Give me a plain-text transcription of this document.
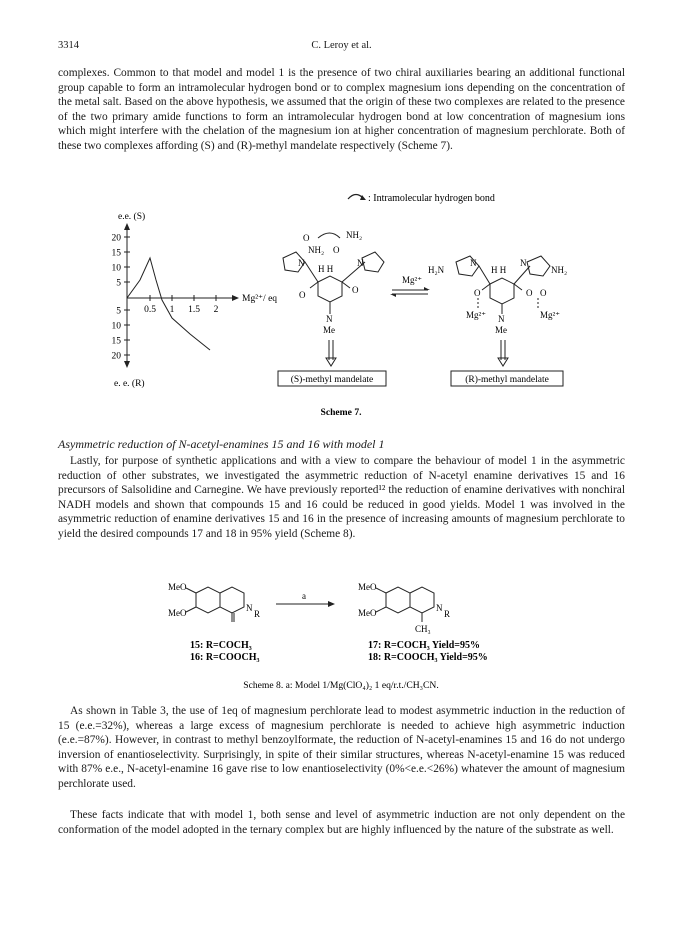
3314	C. Leroy et al.
complexes. Common to that model and model 1 is the presence of two chiral auxiliaries bearing an additional functional group capable to form an intramolecular hydrogen bond or to complex magnesium ions depending on the concentration of the metal salt. Based on the above hypothesis, we assumed that the origin of these two complexes are related to the presence of the two primary amide functions to form an intramolecular hydrogen bond at low concentration of magnesium ions which might interfere with the chelation of the magnesium ion at higher concentration of magnesium perchlorate. Both of these two complexes affording (S) and (R)-methyl mandelate respectively (Scheme 7).
: Intramolecular hydrogen bond
e.e. (S)
20
15
10
5
5
10
15
20
0.5 1 1.5 2
Mg²⁺/ eq
e. e. (R)
O	NH₂
NH₂ O
N	N
H H
O	O
N
Me
Mg²⁺
H₂N	NH₂
H H
N	N
O	O O
Mg²⁺	Mg²⁺
N
Me
(S)-methyl mandelate	(R)-methyl mandelate
Scheme 7.
MeO
MeO	N
R
a
MeO
MeO	N
R
CH₃
15: R=COCH₃
16: R=COOCH₃
17: R=COCH₃ Yield=95%
18: R=COOCH₃ Yield=95%
Scheme 8. a: Model 1/Mg(ClO₄)₂ 1 eq/r.t./CH₃CN.
Asymmetric reduction of N-acetyl-enamines 15 and 16 with model 1
Lastly, for purpose of synthetic applications and with a view to compare the behaviour of model 1 in the asymmetric reduction of other substrates, we investigated the asymmetric reduction of N-acetyl enamine derivatives 15 and 16 precursors of Salsolidine and Carnegine. We have previously reported¹² the reduction of enamine derivatives with nonchiral NADH models and shown that compounds 15 and 16 could be reduced in good yields. Model 1 was involved in the asymmetric reduction of enamine derivatives 15 and 16 in the presence of increasing amounts of magnesium perchlorate to yield the desired compounds 17 and 18 in 95% yield (Scheme 8).
As shown in Table 3, the use of 1eq of magnesium perchlorate lead to modest asymmetric induction in the reduction of 15 (e.e.=32%), whereas a large excess of magnesium perchlorate is needed to achieve high asymmetric induction (e.e.=87%). However, in contrast to methyl benzoylformate, the reduction of N-acetyl-enamines 15 and 16 do not undergo inversion of enantioselectivity. Surprisingly, in spite of their similar structures, whereas N-acetyl-enamine 15 was reduced with 87% e.e., N-acetyl-enamine 16 gave rise to low enantioselectivity (0%<e.e.<26%) whatever the amount of magnesium perchlorate used.
These facts indicate that with model 1, both sense and level of asymmetric induction are not only dependent on the conformation of the model adopted in the ternary complex but are highly influenced by the nature of the substrate as well.
